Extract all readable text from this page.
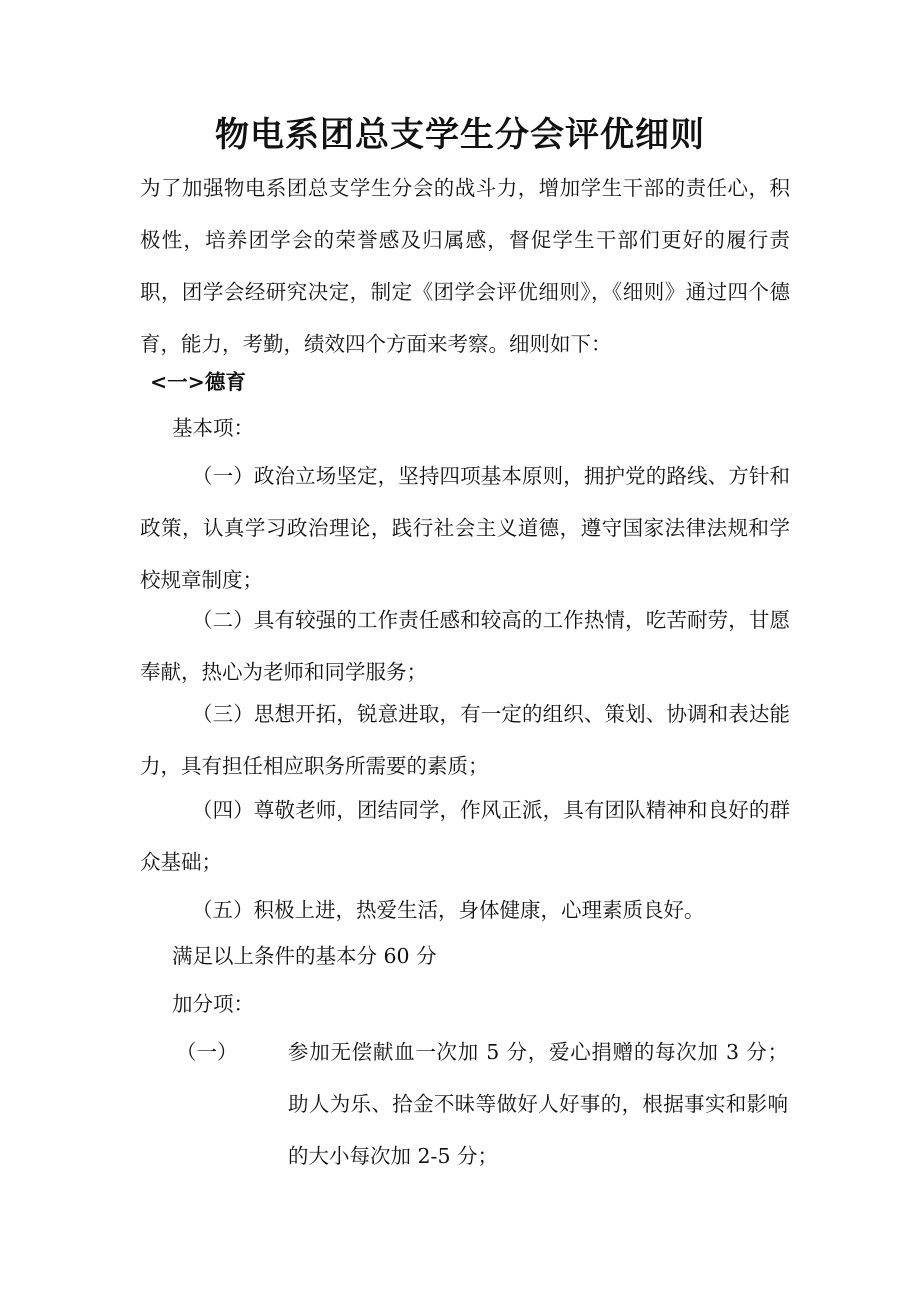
物电系团总支学生分会评优细则

为了加强物电系团总支学生分会的战斗力，增加学生干部的责任心，积极性，培养团学会的荣誉感及归属感，督促学生干部们更好的履行责职，团学会经研究决定，制定《团学会评优细则》，《细则》通过四个德育，能力，考勤，绩效四个方面来考察。细则如下：

<一>德育

基本项：

（一）政治立场坚定，坚持四项基本原则，拥护党的路线、方针和政策，认真学习政治理论，践行社会主义道德，遵守国家法律法规和学校规章制度；

（二）具有较强的工作责任感和较高的工作热情，吃苦耐劳，甘愿奉献，热心为老师和同学服务；

（三）思想开拓，锐意进取，有一定的组织、策划、协调和表达能力，具有担任相应职务所需要的素质；

（四）尊敬老师，团结同学，作风正派，具有团队精神和良好的群众基础；

（五）积极上进，热爱生活，身体健康，心理素质良好。

满足以上条件的基本分 60 分

加分项：

（一） 参加无偿献血一次加 5 分，爱心捐赠的每次加 3 分；助人为乐、拾金不昧等做好人好事的，根据事实和影响的大小每次加 2-5 分；
